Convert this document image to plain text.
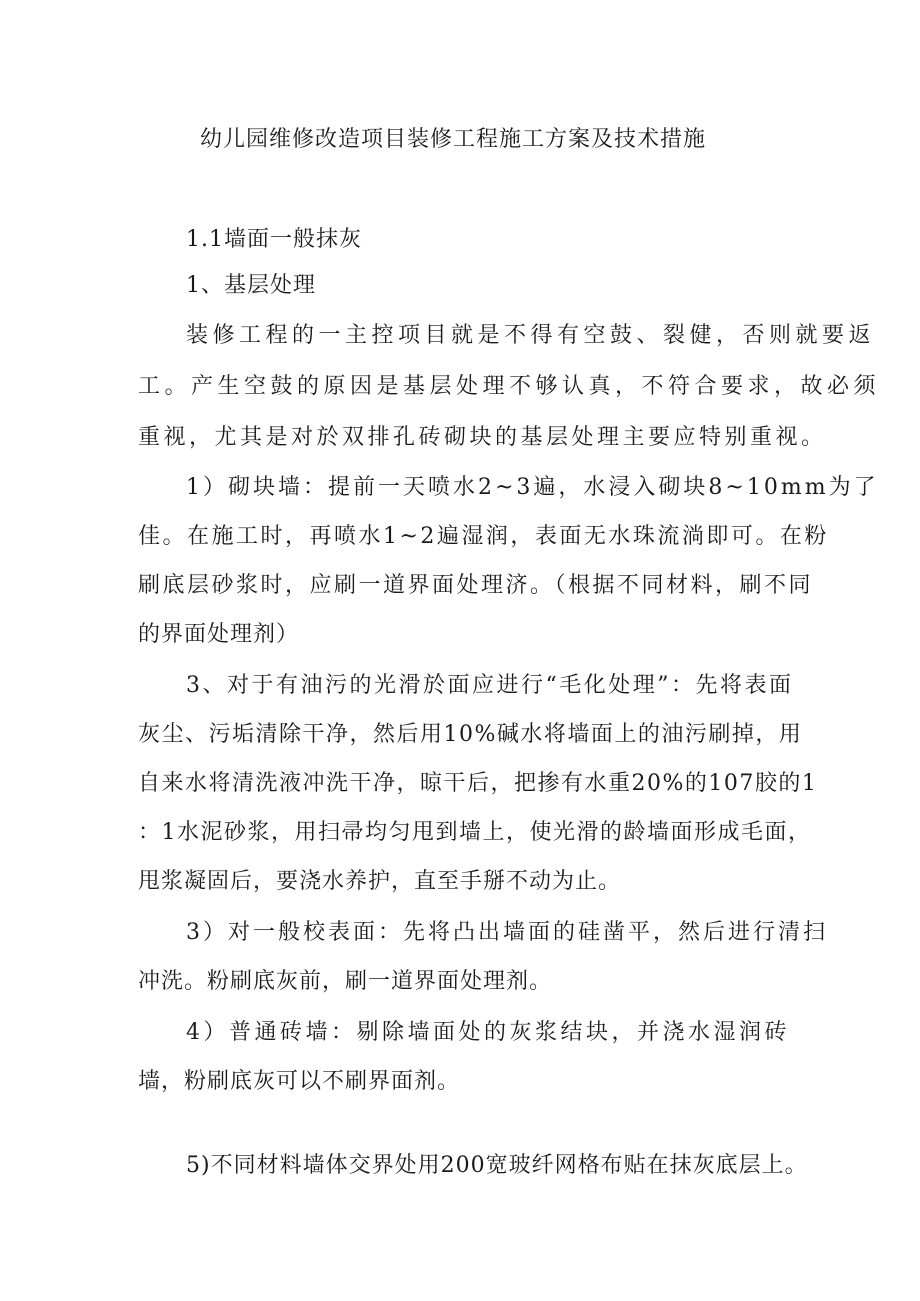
幼儿园维修改造项目装修工程施工方案及技术措施
1.1墙面一般抹灰
1、基层处理
装修工程的一主控项目就是不得有空鼓、裂健，否则就要返
工。产生空鼓的原因是基层处理不够认真，不符合要求，故必须
重视，尤其是对於双排孔砖砌块的基层处理主要应特别重视。
1）砌块墙：提前一天喷水2~3遍，水浸入砌块8~10mm为了
佳。在施工时，再喷水1~2遍湿润，表面无水珠流淌即可。在粉
刷底层砂浆时，应刷一道界面处理济。（根据不同材料，刷不同
的界面处理剂）
3、对于有油污的光滑於面应进行“毛化处理”：先将表面
灰尘、污垢清除干净，然后用10%碱水将墙面上的油污刷掉，用
自来水将清洗液冲洗干净，晾干后，把掺有水重20%的107胶的1
：1水泥砂浆，用扫帚均匀甩到墙上，使光滑的龄墙面形成毛面，
甩浆凝固后，要浇水养护，直至手掰不动为止。
3）对一般校表面：先将凸出墙面的硅凿平，然后进行清扫
冲洗。粉刷底灰前，刷一道界面处理剂。
4）普通砖墙：剔除墙面处的灰浆结块，并浇水湿润砖
墙，粉刷底灰可以不刷界面剂。
5)不同材料墙体交界处用200宽玻纤网格布贴在抹灰底层上。
